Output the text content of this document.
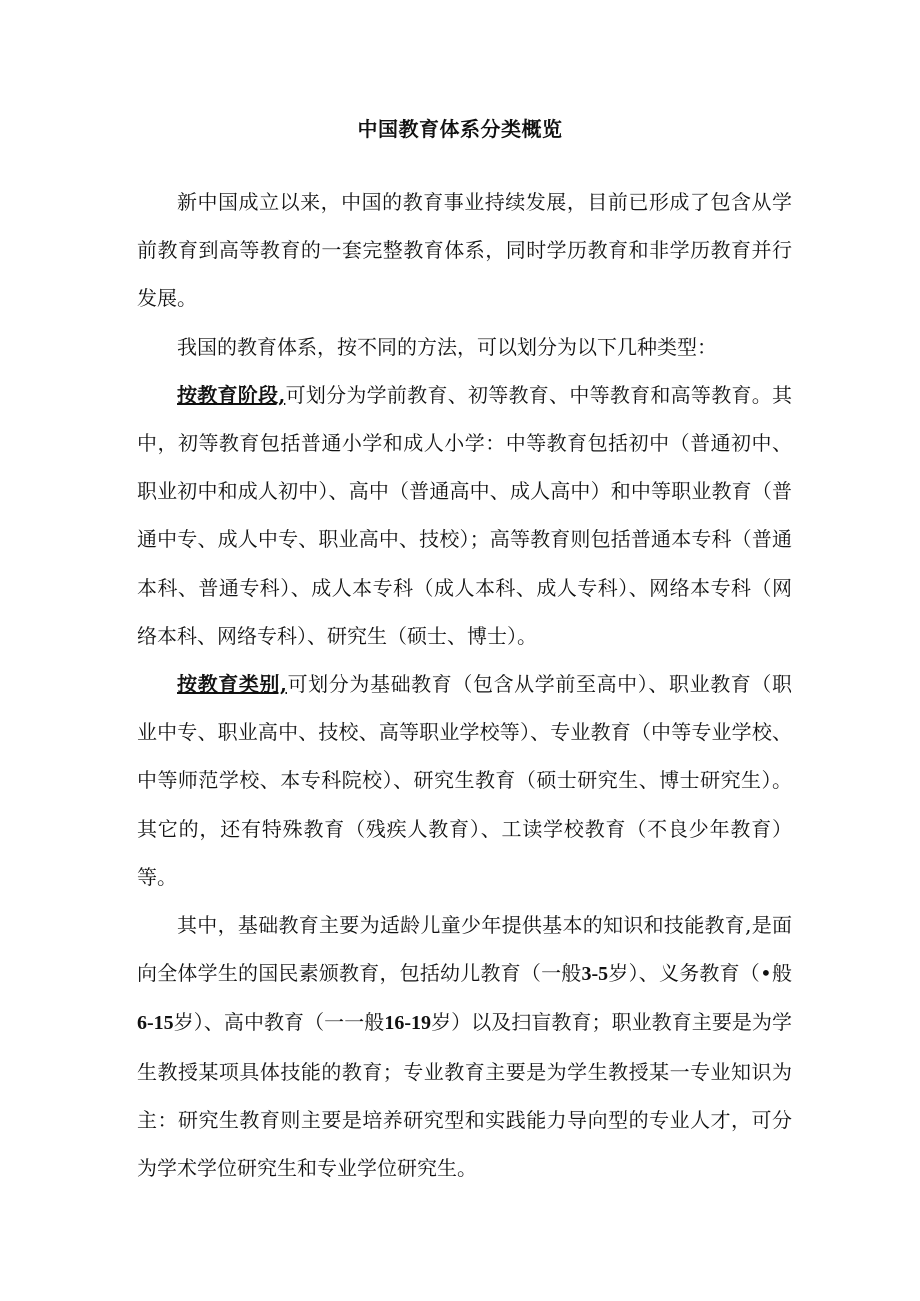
中国教育体系分类概览

新中国成立以来，中国的教育事业持续发展，目前已形成了包含从学前教育到高等教育的一套完整教育体系，同时学历教育和非学历教育并行发展。

我国的教育体系，按不同的方法，可以划分为以下几种类型：

按教育阶段,可划分为学前教育、初等教育、中等教育和高等教育。其中，初等教育包括普通小学和成人小学：中等教育包括初中（普通初中、职业初中和成人初中）、高中（普通高中、成人高中）和中等职业教育（普通中专、成人中专、职业高中、技校）；高等教育则包括普通本专科（普通本科、普通专科）、成人本专科（成人本科、成人专科）、网络本专科（网络本科、网络专科）、研究生（硕士、博士）。

按教育类别,可划分为基础教育（包含从学前至高中）、职业教育（职业中专、职业高中、技校、高等职业学校等）、专业教育（中等专业学校、中等师范学校、本专科院校）、研究生教育（硕士研究生、博士研究生）。其它的，还有特殊教育（残疾人教育）、工读学校教育（不良少年教育）等。

其中，基础教育主要为适龄儿童少年提供基本的知识和技能教育,是面向全体学生的国民素颁教育，包括幼儿教育（一般3-5岁）、义务教育（•般6-15岁）、高中教育（一一般16-19岁）以及扫盲教育；职业教育主要是为学生教授某项具体技能的教育；专业教育主要是为学生教授某一专业知识为主：研究生教育则主要是培养研究型和实践能力导向型的专业人才，可分为学术学位研究生和专业学位研究生。
